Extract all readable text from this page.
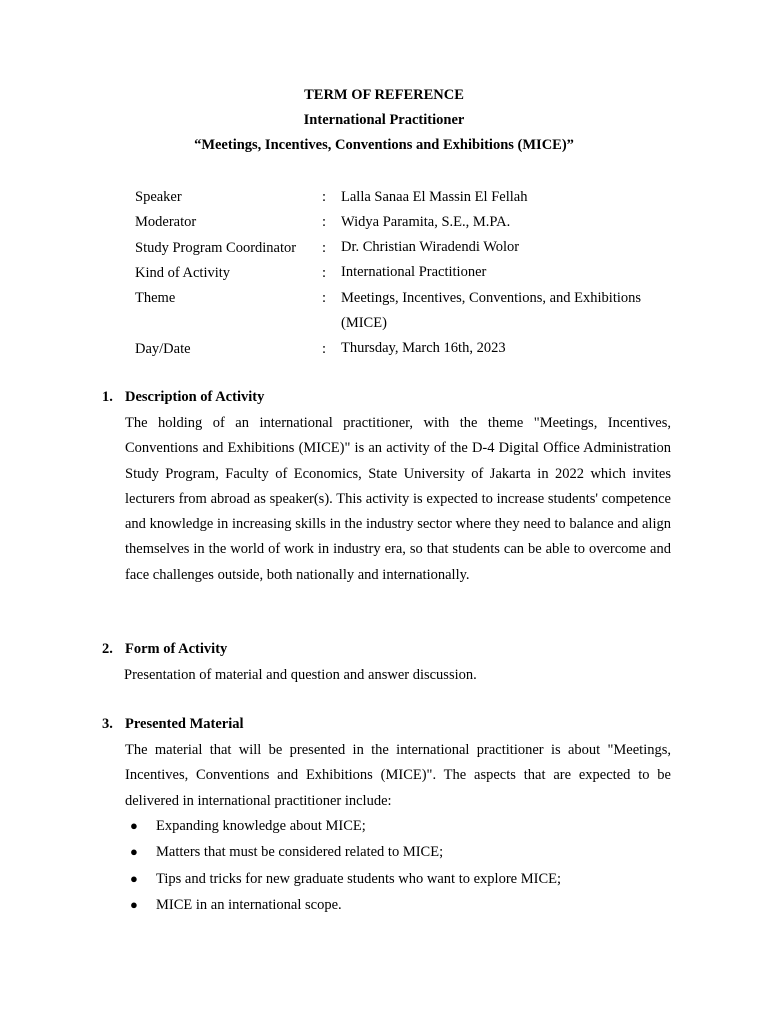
TERM OF REFERENCE
International Practitioner
“Meetings, Incentives, Conventions and Exhibitions (MICE)”
Speaker	: Lalla Sanaa El Massin El Fellah
Moderator	: Widya Paramita, S.E., M.PA.
Study Program Coordinator : Dr. Christian Wiradendi Wolor
Kind of Activity	: International Practitioner
Theme	: Meetings, Incentives, Conventions, and Exhibitions (MICE)
Day/Date	: Thursday, March 16th, 2023
1. Description of Activity
The holding of an international practitioner, with the theme "Meetings, Incentives, Conventions and Exhibitions (MICE)" is an activity of the D-4 Digital Office Administration Study Program, Faculty of Economics, State University of Jakarta in 2022 which invites lecturers from abroad as speaker(s). This activity is expected to increase students' competence and knowledge in increasing skills in the industry sector where they need to balance and align themselves in the world of work in industry era, so that students can be able to overcome and face challenges outside, both nationally and internationally.
2. Form of Activity
Presentation of material and question and answer discussion.
3. Presented Material
The material that will be presented in the international practitioner is about "Meetings, Incentives, Conventions and Exhibitions (MICE)". The aspects that are expected to be delivered in international practitioner include:
● Expanding knowledge about MICE;
● Matters that must be considered related to MICE;
● Tips and tricks for new graduate students who want to explore MICE;
● MICE in an international scope.
